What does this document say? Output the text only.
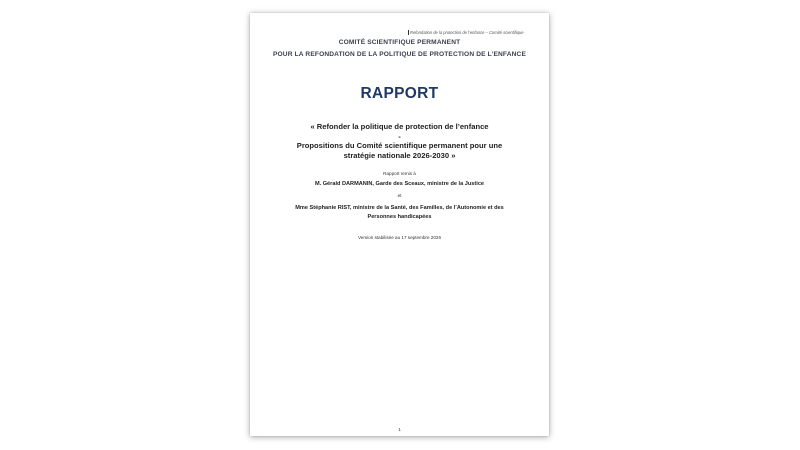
Refondation de la protection de l’enfance – Comité scientifique
COMITÉ SCIENTIFIQUE PERMANENT
POUR LA REFONDATION DE LA POLITIQUE DE PROTECTION DE L’ENFANCE
RAPPORT
« Refonder la politique de protection de l’enfance
-
Propositions du Comité scientifique permanent pour une
stratégie nationale 2026-2030 »
Rapport remis à
M. Gérald DARMANIN, Garde des Sceaux, ministre de la Justice
et
Mme Stéphanie RIST, ministre de la Santé, des Familles, de l’Autonomie et des
Personnes handicapées
Version stabilisée au 17 septembre 2026
1
